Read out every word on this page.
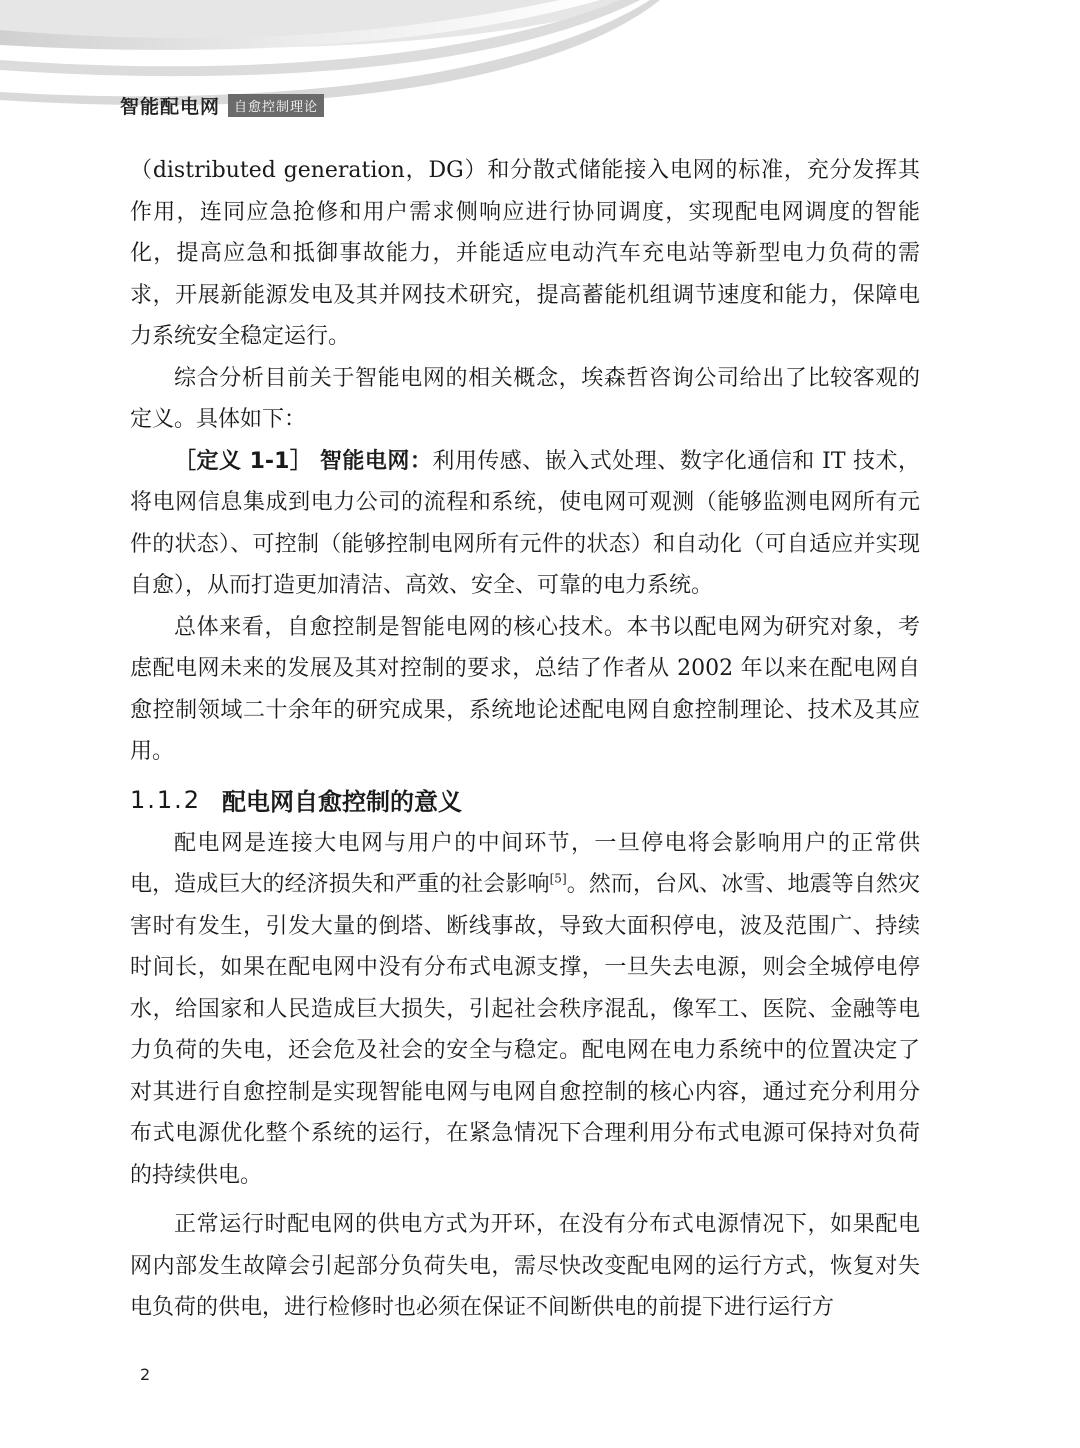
智能配电网	自愈控制理论

（distributed generation，DG）和分散式储能接入电网的标准，充分发挥其作用，连同应急抢修和用户需求侧响应进行协同调度，实现配电网调度的智能化，提高应急和抵御事故能力，并能适应电动汽车充电站等新型电力负荷的需求，开展新能源发电及其并网技术研究，提高蓄能机组调节速度和能力，保障电力系统安全稳定运行。

综合分析目前关于智能电网的相关概念，埃森哲咨询公司给出了比较客观的定义。具体如下：

［定义 1-1］ 智能电网：利用传感、嵌入式处理、数字化通信和 IT 技术，将电网信息集成到电力公司的流程和系统，使电网可观测（能够监测电网所有元件的状态）、可控制（能够控制电网所有元件的状态）和自动化（可自适应并实现自愈），从而打造更加清洁、高效、安全、可靠的电力系统。

总体来看，自愈控制是智能电网的核心技术。本书以配电网为研究对象，考虑配电网未来的发展及其对控制的要求，总结了作者从 2002 年以来在配电网自愈控制领域二十余年的研究成果，系统地论述配电网自愈控制理论、技术及其应用。

1.1.2 配电网自愈控制的意义

配电网是连接大电网与用户的中间环节，一旦停电将会影响用户的正常供电，造成巨大的经济损失和严重的社会影响[5]。然而，台风、冰雪、地震等自然灾害时有发生，引发大量的倒塔、断线事故，导致大面积停电，波及范围广、持续时间长，如果在配电网中没有分布式电源支撑，一旦失去电源，则会全城停电停水，给国家和人民造成巨大损失，引起社会秩序混乱，像军工、医院、金融等电力负荷的失电，还会危及社会的安全与稳定。配电网在电力系统中的位置决定了对其进行自愈控制是实现智能电网与电网自愈控制的核心内容，通过充分利用分布式电源优化整个系统的运行，在紧急情况下合理利用分布式电源可保持对负荷的持续供电。

正常运行时配电网的供电方式为开环，在没有分布式电源情况下，如果配电网内部发生故障会引起部分负荷失电，需尽快改变配电网的运行方式，恢复对失电负荷的供电，进行检修时也必须在保证不间断供电的前提下进行运行方

2
